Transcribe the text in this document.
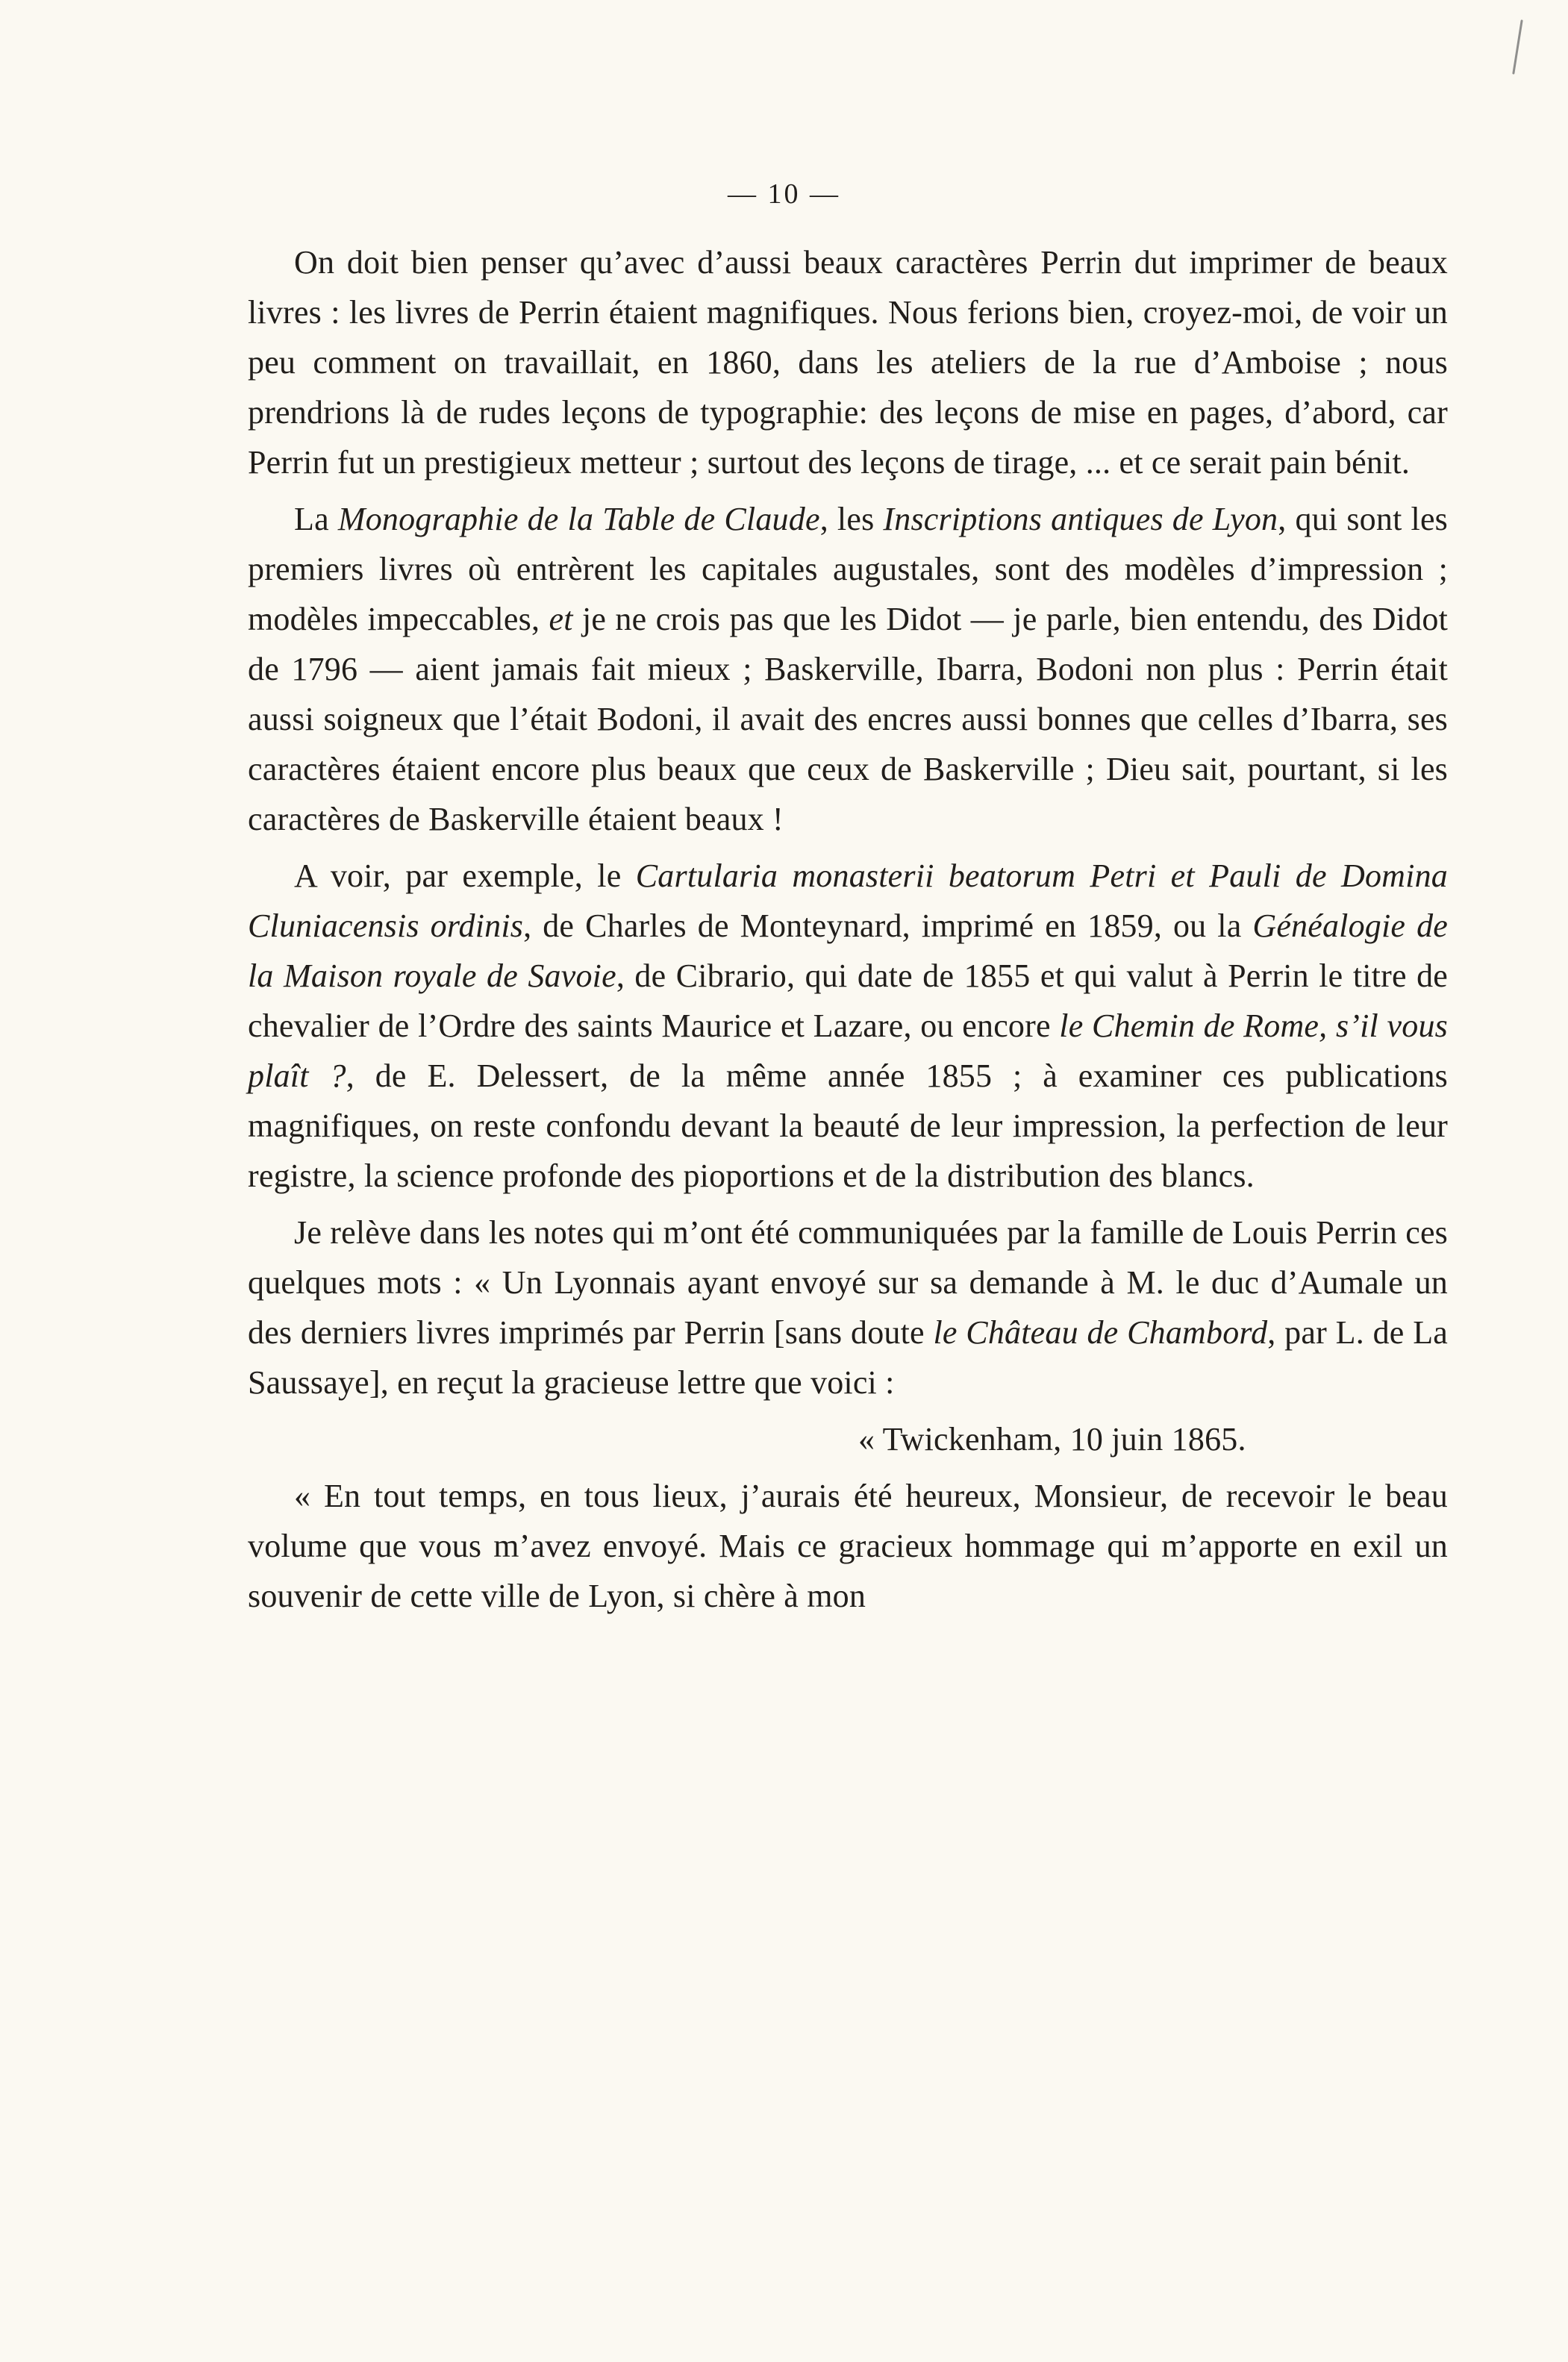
— 10 —

On doit bien penser qu’avec d’aussi beaux caractères Perrin dut imprimer de beaux livres : les livres de Perrin étaient magnifiques. Nous ferions bien, croyez-moi, de voir un peu comment on travaillait, en 1860, dans les ateliers de la rue d’Amboise ; nous prendrions là de rudes leçons de typographie: des leçons de mise en pages, d’abord, car Perrin fut un prestigieux metteur ; surtout des leçons de tirage, ... et ce serait pain bénit.

La Monographie de la Table de Claude, les Inscriptions antiques de Lyon, qui sont les premiers livres où entrèrent les capitales augustales, sont des modèles d’impression ; modèles impeccables, et je ne crois pas que les Didot — je parle, bien entendu, des Didot de 1796 — aient jamais fait mieux ; Baskerville, Ibarra, Bodoni non plus : Perrin était aussi soigneux que l’était Bodoni, il avait des encres aussi bonnes que celles d’Ibarra, ses caractères étaient encore plus beaux que ceux de Baskerville ; Dieu sait, pourtant, si les caractères de Baskerville étaient beaux !

A voir, par exemple, le Cartularia monasterii beatorum Petri et Pauli de Domina Cluniacensis ordinis, de Charles de Monteynard, imprimé en 1859, ou la Généalogie de la Maison royale de Savoie, de Cibrario, qui date de 1855 et qui valut à Perrin le titre de chevalier de l’Ordre des saints Maurice et Lazare, ou encore le Chemin de Rome, s’il vous plaît ?, de E. Delessert, de la même année 1855 ; à examiner ces publications magnifiques, on reste confondu devant la beauté de leur impression, la perfection de leur registre, la science profonde des pioportions et de la distribution des blancs.

Je relève dans les notes qui m’ont été communiquées par la famille de Louis Perrin ces quelques mots : « Un Lyonnais ayant envoyé sur sa demande à M. le duc d’Aumale un des derniers livres imprimés par Perrin [sans doute le Château de Chambord, par L. de La Saussaye], en reçut la gracieuse lettre que voici :

« Twickenham, 10 juin 1865.

« En tout temps, en tous lieux, j’aurais été heureux, Monsieur, de recevoir le beau volume que vous m’avez envoyé. Mais ce gracieux hommage qui m’apporte en exil un souvenir de cette ville de Lyon, si chère à mon
